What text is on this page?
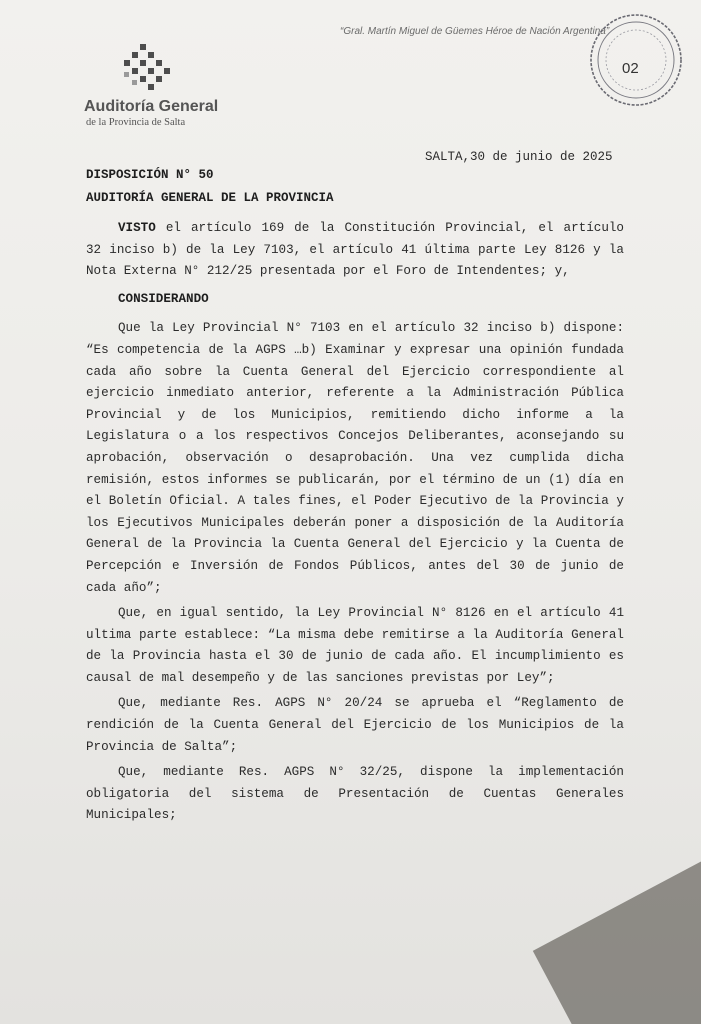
“Gral. Martín Miguel de Güemes Héroe de Nación Argentina”
02
Auditoría General
de la Provincia de Salta
SALTA,30 de junio de 2025
DISPOSICIÓN N° 50
AUDITORÍA GENERAL DE LA PROVINCIA

VISTO el artículo 169 de la Constitución Provincial, el artículo 32 inciso b) de la Ley 7103, el artículo 41 última parte Ley 8126 y la Nota Externa N° 212/25 presentada por el Foro de Intendentes; y,

CONSIDERANDO

Que la Ley Provincial N° 7103 en el artículo 32 inciso b) dispone: “Es competencia de la AGPS …b) Examinar y expresar una opinión fundada cada año sobre la Cuenta General del Ejercicio correspondiente al ejercicio inmediato anterior, referente a la Administración Pública Provincial y de los Municipios, remitiendo dicho informe a la Legislatura o a los respectivos Concejos Deliberantes, aconsejando su aprobación, observación o desaprobación. Una vez cumplida dicha remisión, estos informes se publicarán, por el término de un (1) día en el Boletín Oficial. A tales fines, el Poder Ejecutivo de la Provincia y los Ejecutivos Municipales deberán poner a disposición de la Auditoría General de la Provincia la Cuenta General del Ejercicio y la Cuenta de Percepción e Inversión de Fondos Públicos, antes del 30 de junio de cada año”;

Que, en igual sentido, la Ley Provincial N° 8126 en el artículo 41 ultima parte establece: “La misma debe remitirse a la Auditoría General de la Provincia hasta el 30 de junio de cada año. El incumplimiento es causal de mal desempeño y de las sanciones previstas por Ley”;

Que, mediante Res. AGPS N° 20/24 se aprueba el “Reglamento de rendición de la Cuenta General del Ejercicio de los Municipios de la Provincia de Salta”;

Que, mediante Res. AGPS N° 32/25, dispone la implementación obligatoria del sistema de Presentación de Cuentas Generales Municipales;
